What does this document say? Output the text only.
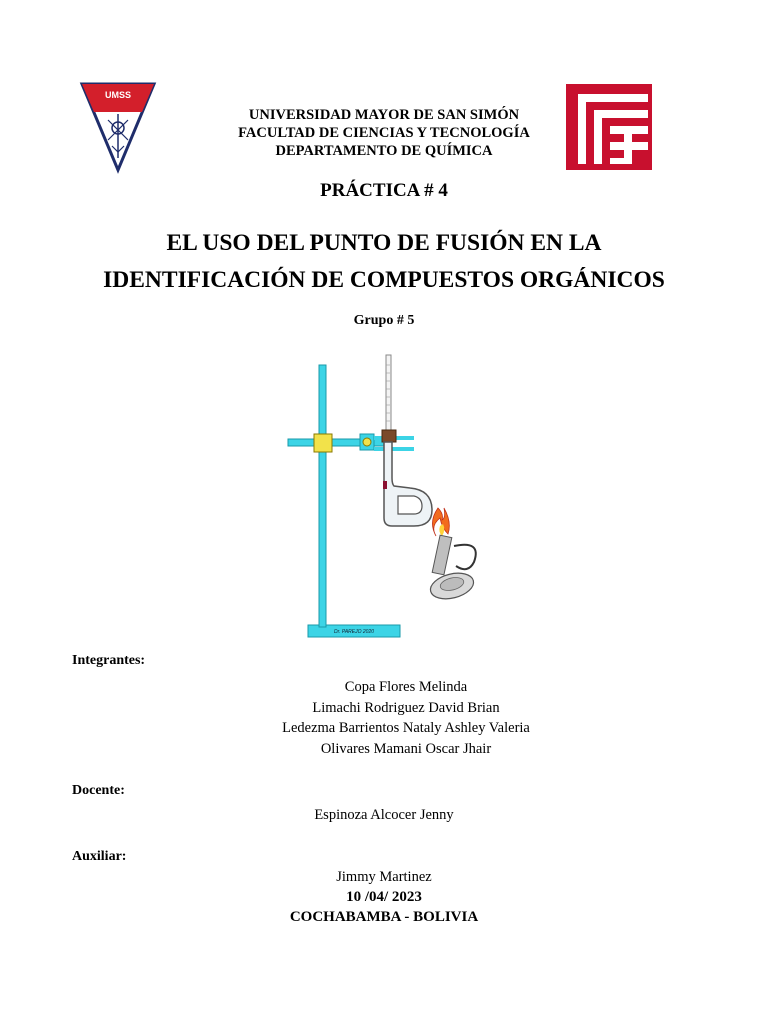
UMSS
UNIVERSIDAD MAYOR DE SAN SIMÓN
FACULTAD DE CIENCIAS Y TECNOLOGÍA
DEPARTAMENTO DE QUÍMICA
PRÁCTICA # 4
EL USO DEL PUNTO DE FUSIÓN EN LA
IDENTIFICACIÓN DE COMPUESTOS ORGÁNICOS
Grupo # 5
Dr. PAREJO 2020
Integrantes:
Copa Flores Melinda
Limachi Rodriguez David Brian
Ledezma Barrientos Nataly Ashley Valeria
Olivares Mamani Oscar Jhair
Docente:
Espinoza Alcocer Jenny
Auxiliar:
Jimmy Martinez
10 /04/ 2023
COCHABAMBA - BOLIVIA
